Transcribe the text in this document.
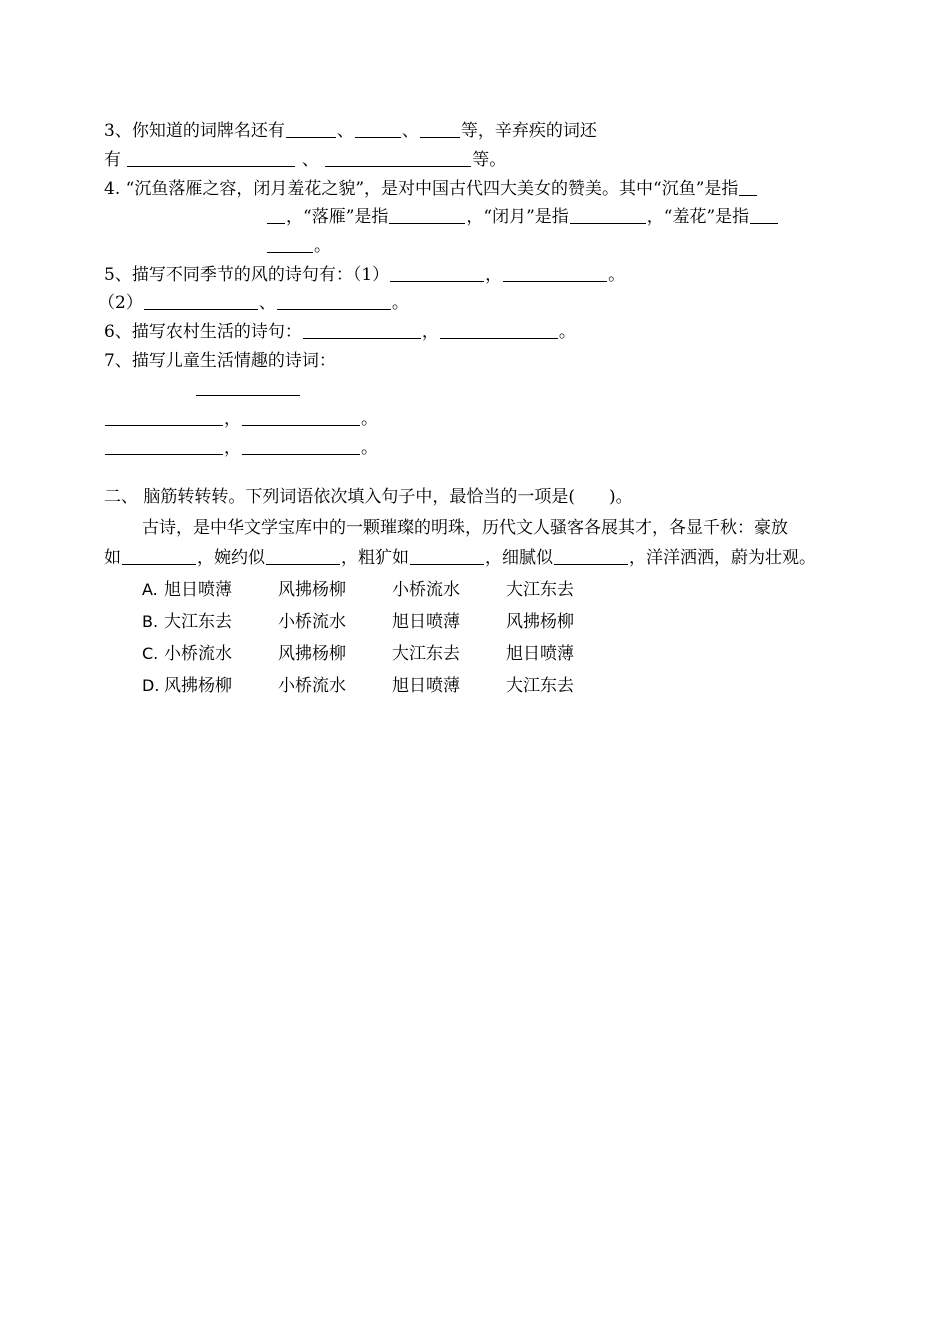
3、你知道的词牌名还有	、	、 等，辛弃疾的词还
有	、	等。
4. “沉鱼落雁之容，闭月羞花之貌”，是对中国古代四大美女的赞美。其中“沉鱼”是指
，“落雁”是指	，“闭月”是指	，“羞花”是指
。
5、描写不同季节的风的诗句有：（1）	，	。
（2）	、	。
6、描写农村生活的诗句：	，	。
7、描写儿童生活情趣的诗词：
，	。
，	。
二、 脑筋转转转。下列词语依次填入句子中，最恰当的一项是(　　)。
古诗，是中华文学宝库中的一颗璀璨的明珠，历代文人骚客各展其才，各显千秋：豪放
如	，婉约似	，粗犷如	，细腻似	，洋洋洒洒，蔚为壮观。
A. 旭日喷薄	风拂杨柳	小桥流水	大江东去
B. 大江东去	小桥流水	旭日喷薄	风拂杨柳
C. 小桥流水	风拂杨柳	大江东去	旭日喷薄
D. 风拂杨柳	小桥流水	旭日喷薄	大江东去
